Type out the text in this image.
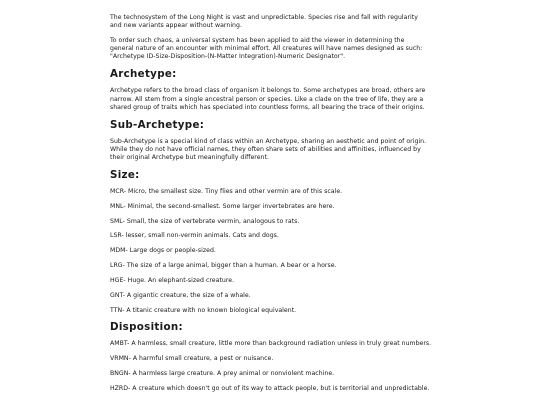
The technosystem of the Long Night is vast and unpredictable. Species rise and fall with regularity and new variants appear without warning.

To order such chaos, a universal system has been applied to aid the viewer in determining the general nature of an encounter with minimal effort. All creatures will have names designed as such: "Archetype ID-Size-Disposition-(N-Matter Integration)-Numeric Designator".

Archetype:

Archetype refers to the broad class of organism it belongs to. Some archetypes are broad, others are narrow. All stem from a single ancestral person or species. Like a clade on the tree of life, they are a shared group of traits which has speciated into countless forms, all bearing the trace of their origins.

Sub-Archetype:

Sub-Archetype is a special kind of class within an Archetype, sharing an aesthetic and point of origin. While they do not have official names, they often share sets of abilities and affinities, influenced by their original Archetype but meaningfully different.

Size:

MCR- Micro, the smallest size. Tiny flies and other vermin are of this scale.

MNL- Minimal, the second-smallest. Some larger invertebrates are here.

SML- Small, the size of vertebrate vermin, analogous to rats.

LSR- lesser, small non-vermin animals. Cats and dogs.

MDM- Large dogs or people-sized.

LRG- The size of a large animal, bigger than a human. A bear or a horse.

HGE- Huge. An elephant-sized creature.

GNT- A gigantic creature, the size of a whale.

TTN- A titanic creature with no known biological equivalent.

Disposition:

AMBT- A harmless, small creature, little more than background radiation unless in truly great numbers.

VRMN- A harmful small creature, a pest or nuisance.

BNGN- A harmless large creature. A prey animal or nonviolent machine.

HZRD- A creature which doesn't go out of its way to attack people, but is territorial and unpredictable.
